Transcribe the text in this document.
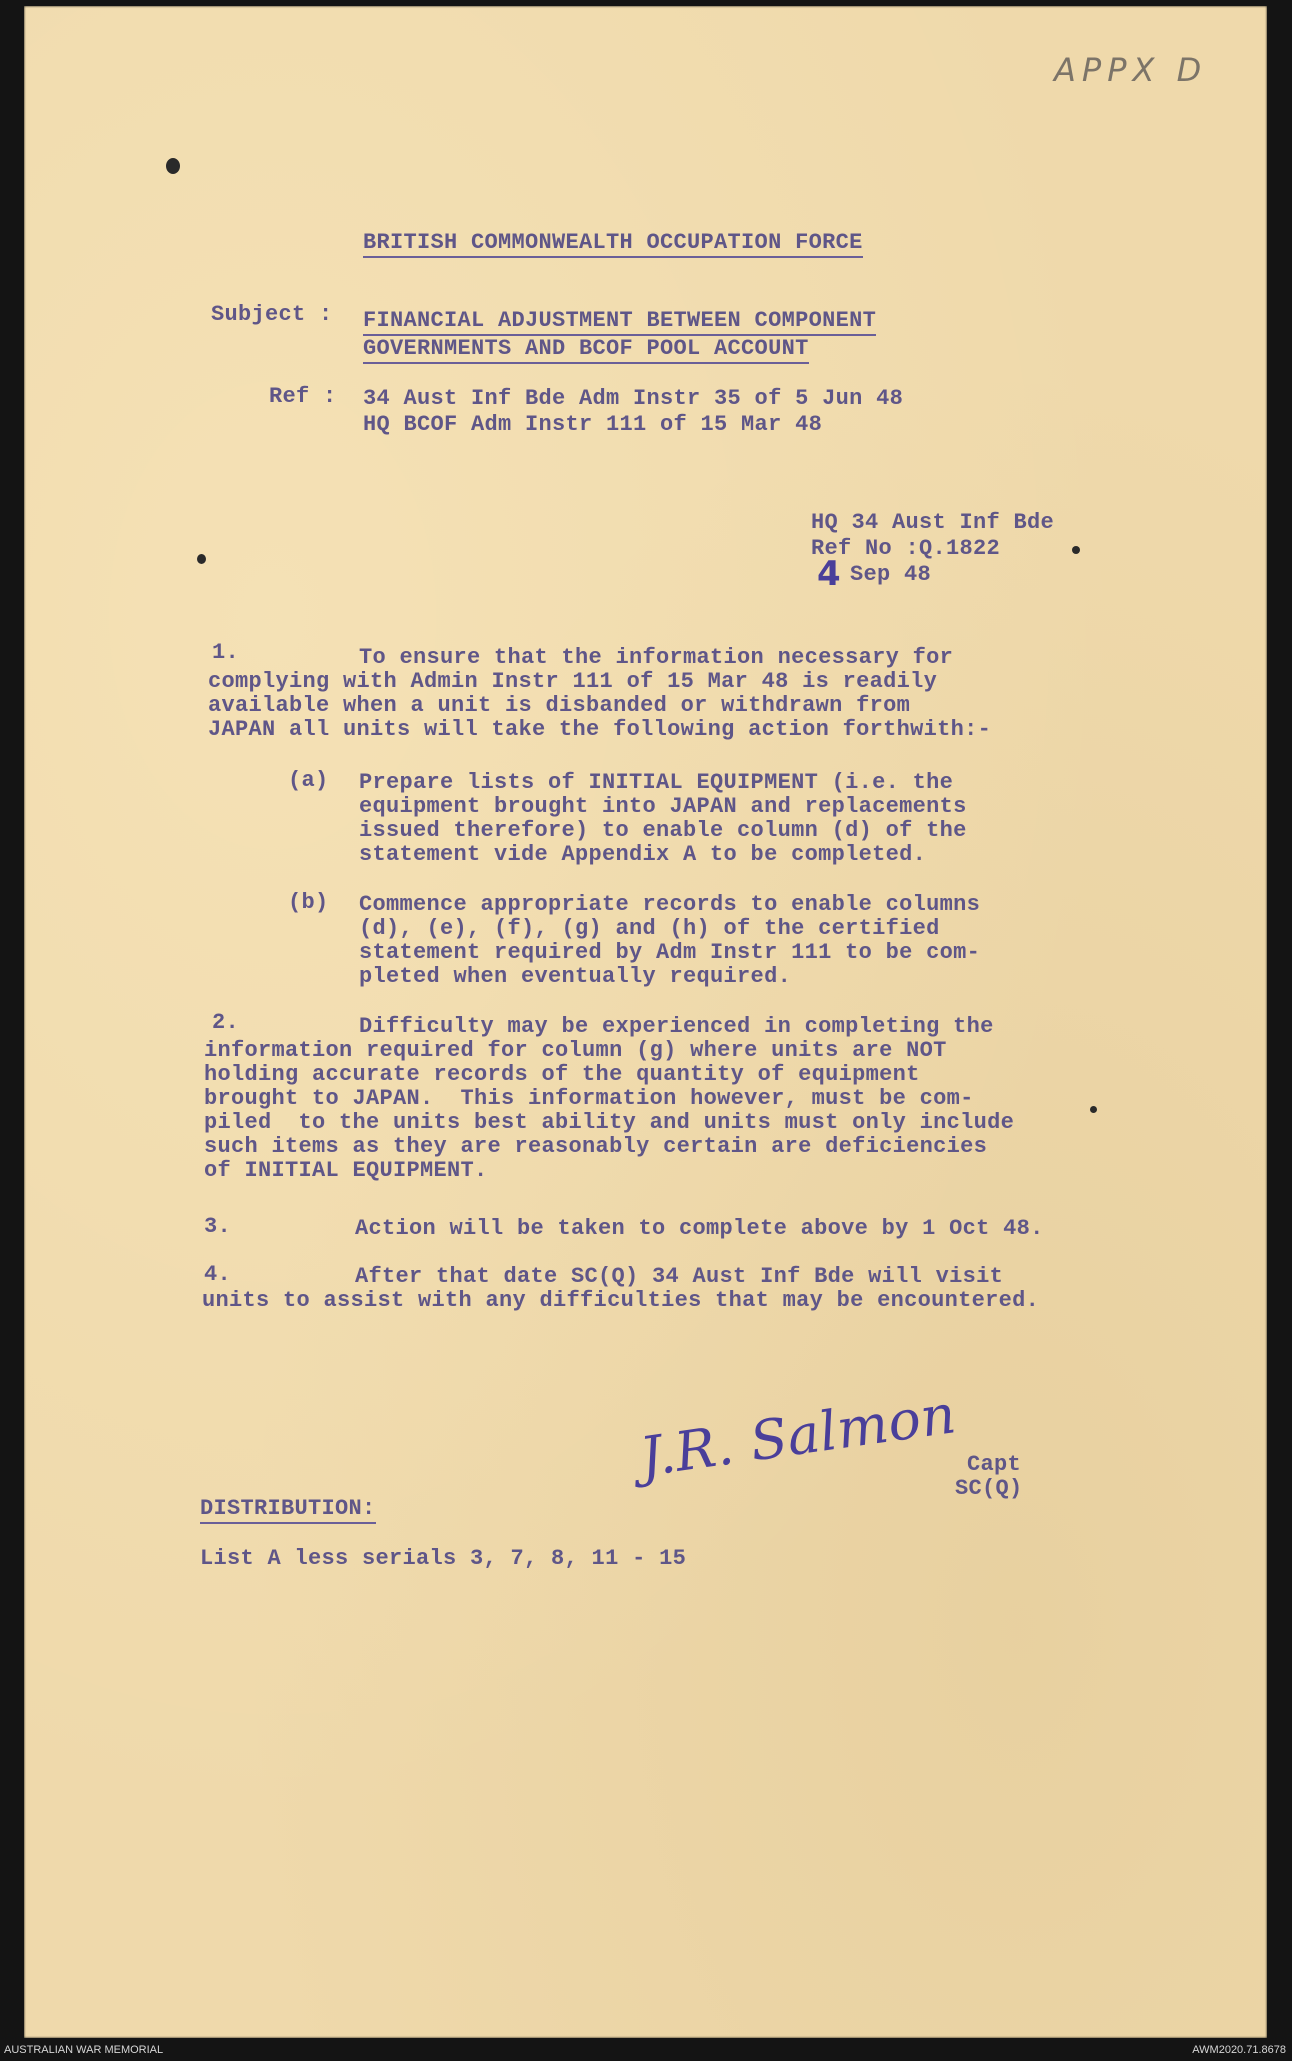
APPX D
BRITISH COMMONWEALTH OCCUPATION FORCE
Subject : FINANCIAL ADJUSTMENT BETWEEN COMPONENT
GOVERNMENTS AND BCOF POOL ACCOUNT
Ref : 34 Aust Inf Bde Adm Instr 35 of 5 Jun 48
HQ BCOF Adm Instr 111 of 15 Mar 48
HQ 34 Aust Inf Bde
Ref No :Q.1822
4 Sep 48
1.	To ensure that the information necessary for
complying with Admin Instr 111 of 15 Mar 48 is readily
available when a unit is disbanded or withdrawn from
JAPAN all units will take the following action forthwith:-
(a) Prepare lists of INITIAL EQUIPMENT (i.e. the
equipment brought into JAPAN and replacements
issued therefore) to enable column (d) of the
statement vide Appendix A to be completed.
(b) Commence appropriate records to enable columns
(d), (e), (f), (g) and (h) of the certified
statement required by Adm Instr 111 to be com-
pleted when eventually required.
2.	Difficulty may be experienced in completing the
information required for column (g) where units are NOT
holding accurate records of the quantity of equipment
brought to JAPAN.  This information however, must be com-
piled  to the units best ability and units must only include
such items as they are reasonably certain are deficiencies
of INITIAL EQUIPMENT.
3.	Action will be taken to complete above by 1 Oct 48.
4.	After that date SC(Q) 34 Aust Inf Bde will visit
units to assist with any difficulties that may be encountered.
J.R. Salmon Capt
SC(Q)
DISTRIBUTION:
List A less serials 3, 7, 8, 11 - 15
AUSTRALIAN WAR MEMORIAL	AWM2020.71.8678
